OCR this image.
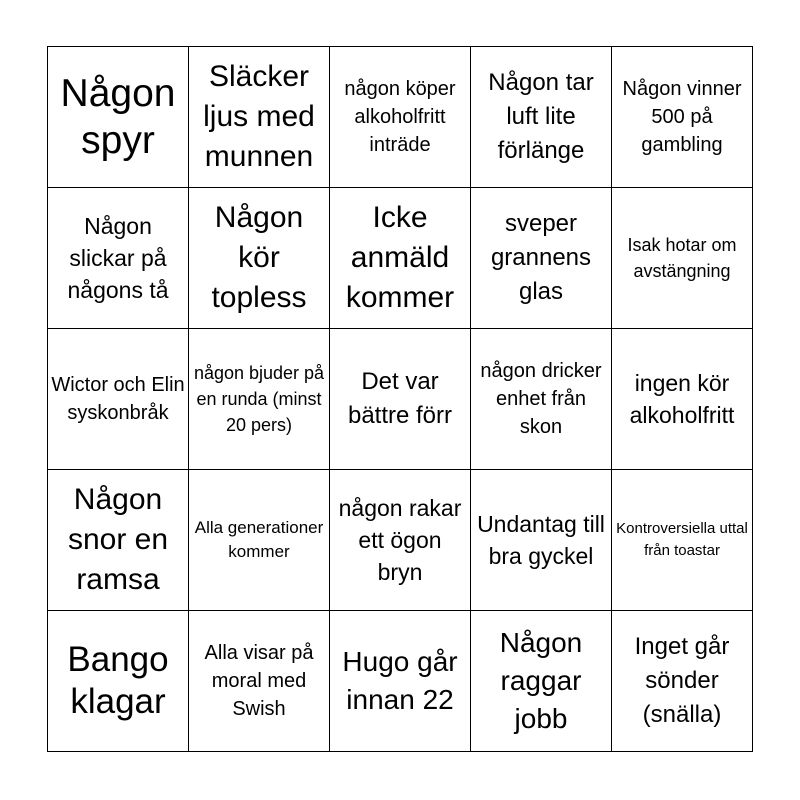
Någon spyr
Släcker ljus med munnen
någon köper alkoholfritt inträde
Någon tar luft lite förlänge
Någon vinner 500 på gambling
Någon slickar på någons tå
Någon kör topless
Icke anmäld kommer
sveper grannens glas
Isak hotar om avstängning
Wictor och Elin syskonbråk
någon bjuder på en runda (minst 20 pers)
Det var bättre förr
någon dricker enhet från skon
ingen kör alkoholfritt
Någon snor en ramsa
Alla generationer kommer
någon rakar ett ögon bryn
Undantag till bra gyckel
Kontroversiella uttal från toastar
Bango klagar
Alla visar på moral med Swish
Hugo går innan 22
Någon raggar jobb
Inget går sönder (snälla)
